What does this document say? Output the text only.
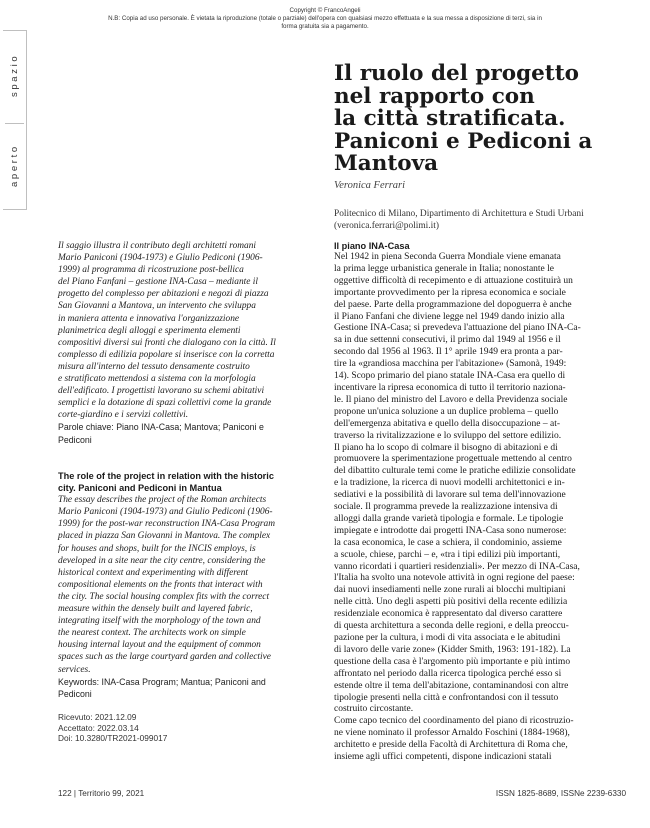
Copyright © FrancoAngeli

N.B: Copia ad uso personale. È vietata la riproduzione (totale o parziale) dell'opera con qualsiasi mezzo effettuata e la sua messa a disposizione di terzi, sia in forma gratuita sia a pagamento.
s p a z i o
a p e r t o
Il ruolo del progetto
nel rapporto con
la città stratificata.
Paniconi e Pediconi a
Mantova
Veronica Ferrari
Politecnico di Milano, Dipartimento di Architettura e Studi Urbani
(veronica.ferrari@polimi.it)
Il saggio illustra il contributo degli architetti romani
Mario Paniconi (1904-1973) e Giulio Pediconi (1906-
1999) al programma di ricostruzione post-bellica
del Piano Fanfani – gestione INA-Casa – mediante il
progetto del complesso per abitazioni e negozi di piazza
San Giovanni a Mantova, un intervento che sviluppa
in maniera attenta e innovativa l'organizzazione
planimetrica degli alloggi e sperimenta elementi
compositivi diversi sui fronti che dialogano con la città. Il
complesso di edilizia popolare si inserisce con la corretta
misura all'interno del tessuto densamente costruito
e stratificato mettendosi a sistema con la morfologia
dell'edificato. I progettisti lavorano su schemi abitativi
semplici e la dotazione di spazi collettivi come la grande
corte-giardino e i servizi collettivi.
Parole chiave: Piano INA-Casa; Mantova; Paniconi e
Pediconi
The role of the project in relation with the historic
city. Paniconi and Pediconi in Mantua
The essay describes the project of the Roman architects
Mario Paniconi (1904-1973) and Giulio Pediconi (1906-
1999) for the post-war reconstruction INA-Casa Program
placed in piazza San Giovanni in Mantova. The complex
for houses and shops, built for the INCIS employs, is
developed in a site near the city centre, considering the
historical context and experimenting with different
compositional elements on the fronts that interact with
the city. The social housing complex fits with the correct
measure within the densely built and layered fabric,
integrating itself with the morphology of the town and
the nearest context. The architects work on simple
housing internal layout and the equipment of common
spaces such as the large courtyard garden and collective
services.
Keywords: INA-Casa Program; Mantua; Paniconi and
Pediconi
Ricevuto: 2021.12.09
Accettato: 2022.03.14
Doi: 10.3280/TR2021-099017
Il piano INA-Casa
Nel 1942 in piena Seconda Guerra Mondiale viene emanata
la prima legge urbanistica generale in Italia; nonostante le
oggettive difficoltà di recepimento e di attuazione costituirà un
importante provvedimento per la ripresa economica e sociale
del paese. Parte della programmazione del dopoguerra è anche
il Piano Fanfani che diviene legge nel 1949 dando inizio alla
Gestione INA-Casa; si prevedeva l'attuazione del piano INA-Ca-
sa in due settenni consecutivi, il primo dal 1949 al 1956 e il
secondo dal 1956 al 1963. Il 1° aprile 1949 era pronta a par-
tire la «grandiosa macchina per l'abitazione» (Samonà, 1949:
14). Scopo primario del piano statale INA-Casa era quello di
incentivare la ripresa economica di tutto il territorio naziona-
le. Il piano del ministro del Lavoro e della Previdenza sociale
propone un'unica soluzione a un duplice problema – quello
dell'emergenza abitativa e quello della disoccupazione – at-
traverso la rivitalizzazione e lo sviluppo del settore edilizio.
Il piano ha lo scopo di colmare il bisogno di abitazioni e di
promuovere la sperimentazione progettuale mettendo al centro
del dibattito culturale temi come le pratiche edilizie consolidate
e la tradizione, la ricerca di nuovi modelli architettonici e in-
sediativi e la possibilità di lavorare sul tema dell'innovazione
sociale. Il programma prevede la realizzazione intensiva di
alloggi dalla grande varietà tipologia e formale. Le tipologie
impiegate e introdotte dai progetti INA-Casa sono numerose:
la casa economica, le case a schiera, il condominio, assieme
a scuole, chiese, parchi – e, «tra i tipi edilizi più importanti,
vanno ricordati i quartieri residenziali». Per mezzo di INA-Casa,
l'Italia ha svolto una notevole attività in ogni regione del paese:
dai nuovi insediamenti nelle zone rurali ai blocchi multipiani
nelle città. Uno degli aspetti più positivi della recente edilizia
residenziale economica è rappresentato dal diverso carattere
di questa architettura a seconda delle regioni, e della preoccu-
pazione per la cultura, i modi di vita associata e le abitudini
di lavoro delle varie zone» (Kidder Smith, 1963: 191-182). La
questione della casa è l'argomento più importante e più intimo
affrontato nel periodo dalla ricerca tipologica perché esso si
estende oltre il tema dell'abitazione, contaminandosi con altre
tipologie presenti nella città e confrontandosi con il tessuto
costruito circostante.
Come capo tecnico del coordinamento del piano di ricostruzio-
ne viene nominato il professor Arnaldo Foschini (1884-1968),
architetto e preside della Facoltà di Architettura di Roma che,
insieme agli uffici competenti, dispone indicazioni statali
122 | Territorio 99, 2021	ISSN 1825-8689, ISSNe 2239-6330
